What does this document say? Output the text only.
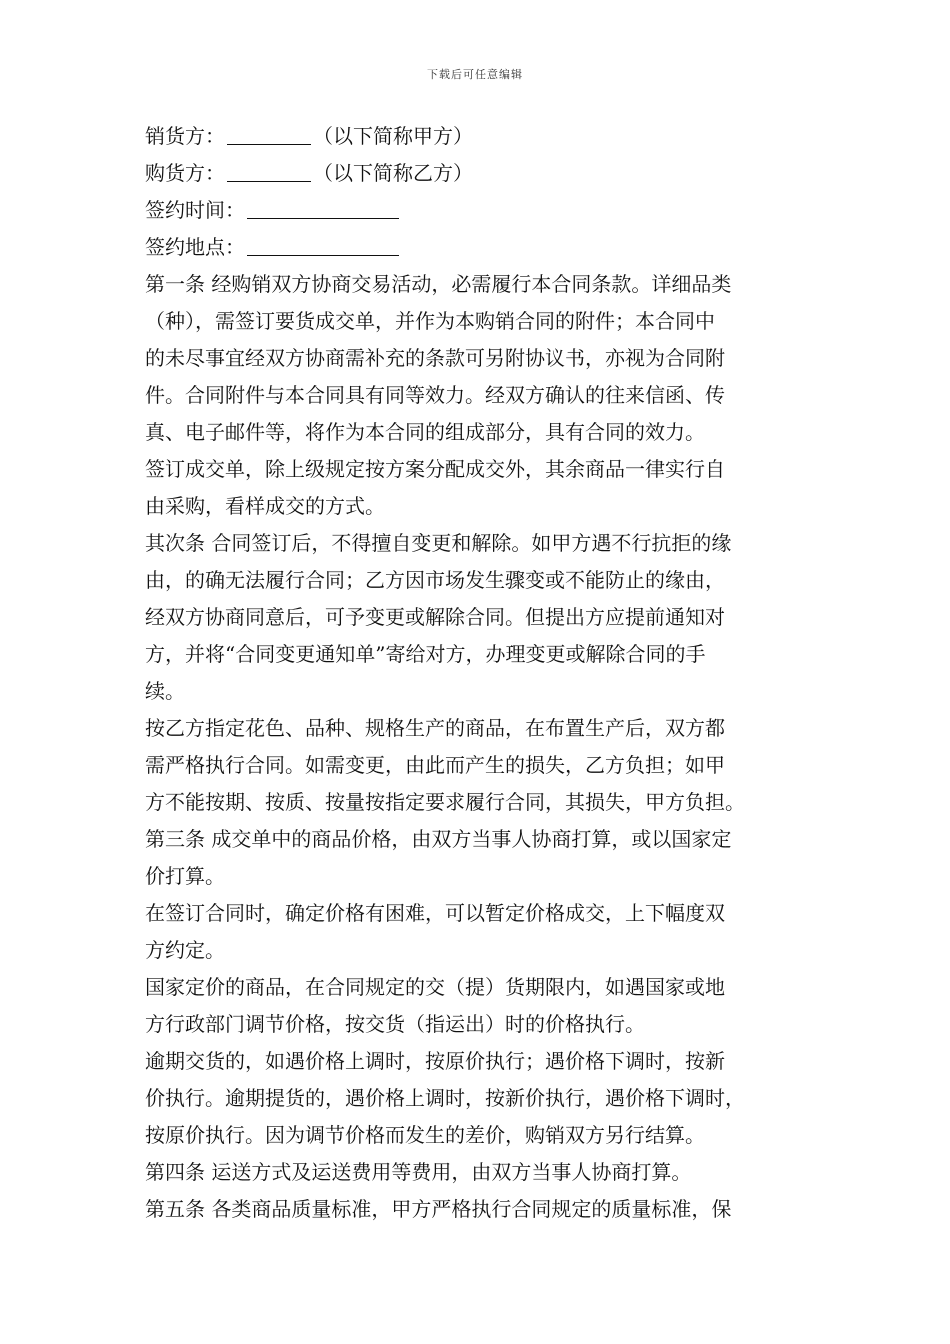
下载后可任意编辑
销货方：	（以下简称甲方）
购货方：	（以下简称乙方）
签约时间：
签约地点：
第一条 经购销双方协商交易活动，必需履行本合同条款。详细品类
（种），需签订要货成交单，并作为本购销合同的附件；本合同中
的未尽事宜经双方协商需补充的条款可另附协议书，亦视为合同附
件。合同附件与本合同具有同等效力。经双方确认的往来信函、传
真、电子邮件等，将作为本合同的组成部分，具有合同的效力。
签订成交单，除上级规定按方案分配成交外，其余商品一律实行自
由采购，看样成交的方式。
其次条 合同签订后，不得擅自变更和解除。如甲方遇不行抗拒的缘
由，的确无法履行合同；乙方因市场发生骤变或不能防止的缘由，
经双方协商同意后，可予变更或解除合同。但提出方应提前通知对
方，并将“合同变更通知单”寄给对方，办理变更或解除合同的手
续。
按乙方指定花色、品种、规格生产的商品，在布置生产后，双方都
需严格执行合同。如需变更，由此而产生的损失，乙方负担；如甲
方不能按期、按质、按量按指定要求履行合同，其损失，甲方负担。
第三条 成交单中的商品价格，由双方当事人协商打算，或以国家定
价打算。
在签订合同时，确定价格有困难，可以暂定价格成交，上下幅度双
方约定。
国家定价的商品，在合同规定的交（提）货期限内，如遇国家或地
方行政部门调节价格，按交货（指运出）时的价格执行。
逾期交货的，如遇价格上调时，按原价执行；遇价格下调时，按新
价执行。逾期提货的，遇价格上调时，按新价执行，遇价格下调时，
按原价执行。因为调节价格而发生的差价，购销双方另行结算。
第四条 运送方式及运送费用等费用，由双方当事人协商打算。
第五条 各类商品质量标准，甲方严格执行合同规定的质量标准，保
